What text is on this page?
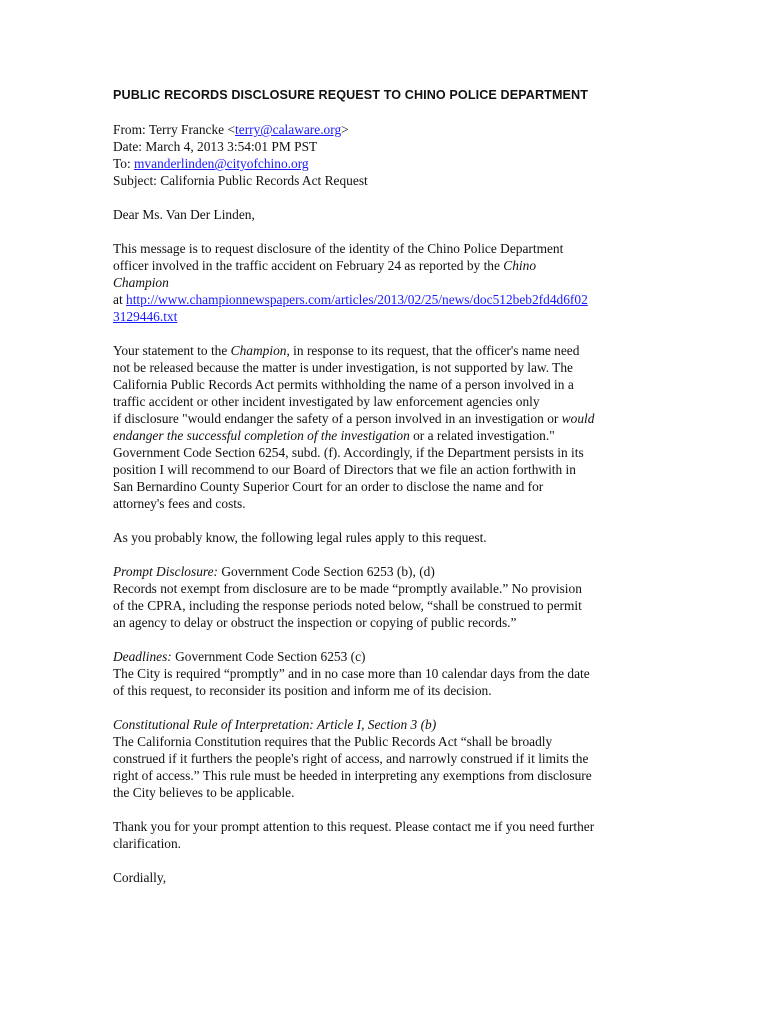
PUBLIC RECORDS DISCLOSURE REQUEST TO CHINO POLICE DEPARTMENT

From: Terry Francke <terry@calaware.org>
Date: March 4, 2013 3:54:01 PM PST
To: mvanderlinden@cityofchino.org
Subject: California Public Records Act Request

Dear Ms. Van Der Linden,

This message is to request disclosure of the identity of the Chino Police Department
officer involved in the traffic accident on February 24 as reported by the Chino
Champion
at http://www.championnewspapers.com/articles/2013/02/25/news/doc512beb2fd4d6f02
3129446.txt

Your statement to the Champion, in response to its request, that the officer's name need
not be released because the matter is under investigation, is not supported by law. The
California Public Records Act permits withholding the name of a person involved in a
traffic accident or other incident investigated by law enforcement agencies only
if disclosure "would endanger the safety of a person involved in an investigation or would
endanger the successful completion of the investigation or a related investigation."
Government Code Section 6254, subd. (f). Accordingly, if the Department persists in its
position I will recommend to our Board of Directors that we file an action forthwith in
San Bernardino County Superior Court for an order to disclose the name and for
attorney's fees and costs.

As you probably know, the following legal rules apply to this request.

Prompt Disclosure: Government Code Section 6253 (b), (d)
Records not exempt from disclosure are to be made “promptly available.” No provision
of the CPRA, including the response periods noted below, “shall be construed to permit
an agency to delay or obstruct the inspection or copying of public records.”

Deadlines: Government Code Section 6253 (c)
The City is required “promptly” and in no case more than 10 calendar days from the date
of this request, to reconsider its position and inform me of its decision.

Constitutional Rule of Interpretation: Article I, Section 3 (b)
The California Constitution requires that the Public Records Act “shall be broadly
construed if it furthers the people's right of access, and narrowly construed if it limits the
right of access.” This rule must be heeded in interpreting any exemptions from disclosure
the City believes to be applicable.

Thank you for your prompt attention to this request. Please contact me if you need further
clarification.

Cordially,
